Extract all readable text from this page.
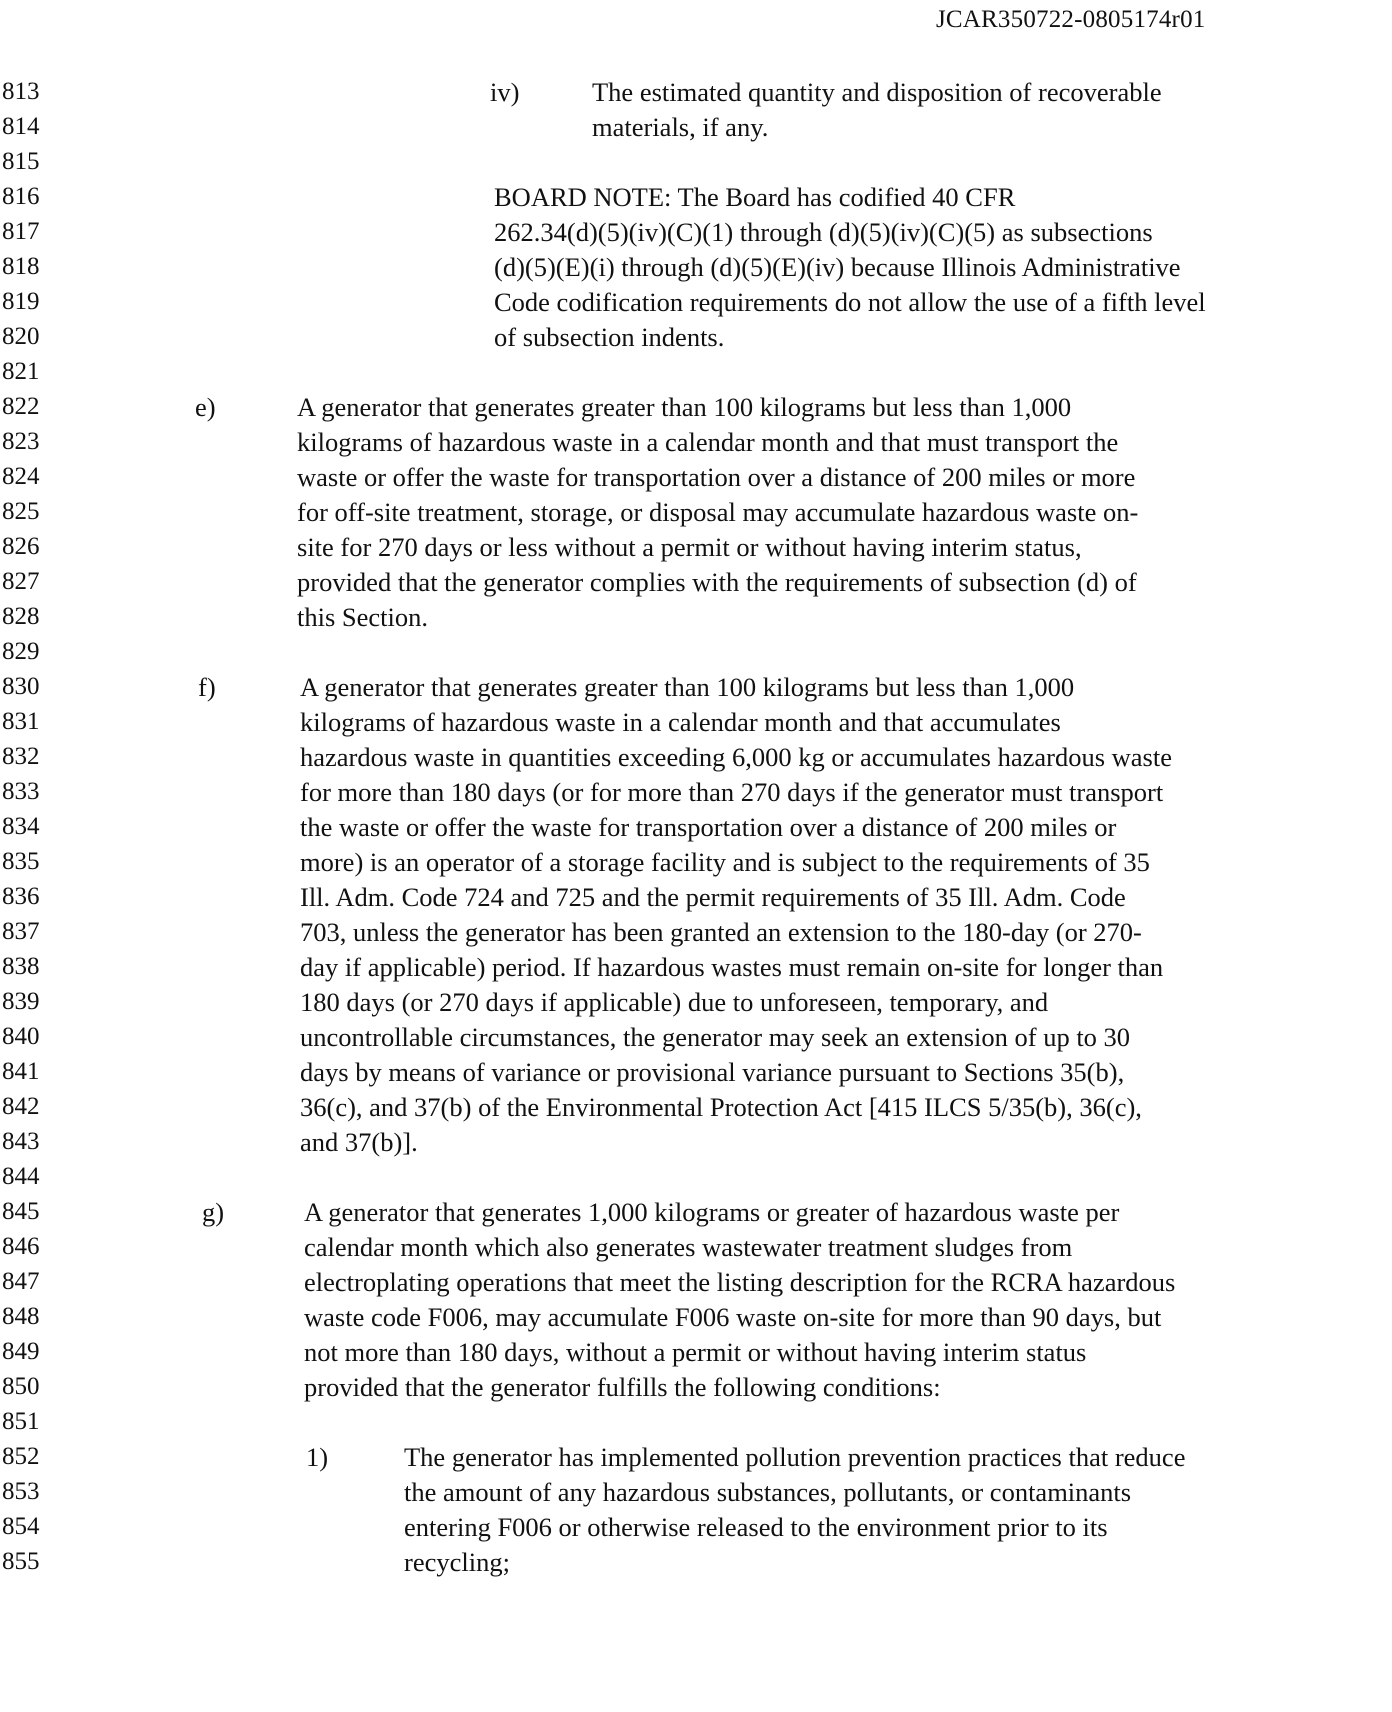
JCAR350722-0805174r01
813
814
815
816
817
818
819
820
821
822
823
824
825
826
827
828
829
830
831
832
833
834
835
836
837
838
839
840
841
842
843
844
845
846
847
848
849
850
851
852
853
854
855
iv)	The estimated quantity and disposition of recoverable
materials, if any.
BOARD NOTE: The Board has codified 40 CFR
262.34(d)(5)(iv)(C)(1) through (d)(5)(iv)(C)(5) as subsections
(d)(5)(E)(i) through (d)(5)(E)(iv) because Illinois Administrative
Code codification requirements do not allow the use of a fifth level
of subsection indents.
e)	A generator that generates greater than 100 kilograms but less than 1,000
kilograms of hazardous waste in a calendar month and that must transport the
waste or offer the waste for transportation over a distance of 200 miles or more
for off-site treatment, storage, or disposal may accumulate hazardous waste on-
site for 270 days or less without a permit or without having interim status,
provided that the generator complies with the requirements of subsection (d) of
this Section.
f)	A generator that generates greater than 100 kilograms but less than 1,000
kilograms of hazardous waste in a calendar month and that accumulates
hazardous waste in quantities exceeding 6,000 kg or accumulates hazardous waste
for more than 180 days (or for more than 270 days if the generator must transport
the waste or offer the waste for transportation over a distance of 200 miles or
more) is an operator of a storage facility and is subject to the requirements of 35
Ill. Adm. Code 724 and 725 and the permit requirements of 35 Ill. Adm. Code
703, unless the generator has been granted an extension to the 180-day (or 270-
day if applicable) period. If hazardous wastes must remain on-site for longer than
180 days (or 270 days if applicable) due to unforeseen, temporary, and
uncontrollable circumstances, the generator may seek an extension of up to 30
days by means of variance or provisional variance pursuant to Sections 35(b),
36(c), and 37(b) of the Environmental Protection Act [415 ILCS 5/35(b), 36(c),
and 37(b)].
g)	A generator that generates 1,000 kilograms or greater of hazardous waste per
calendar month which also generates wastewater treatment sludges from
electroplating operations that meet the listing description for the RCRA hazardous
waste code F006, may accumulate F006 waste on-site for more than 90 days, but
not more than 180 days, without a permit or without having interim status
provided that the generator fulfills the following conditions:
1)	The generator has implemented pollution prevention practices that reduce
the amount of any hazardous substances, pollutants, or contaminants
entering F006 or otherwise released to the environment prior to its
recycling;
